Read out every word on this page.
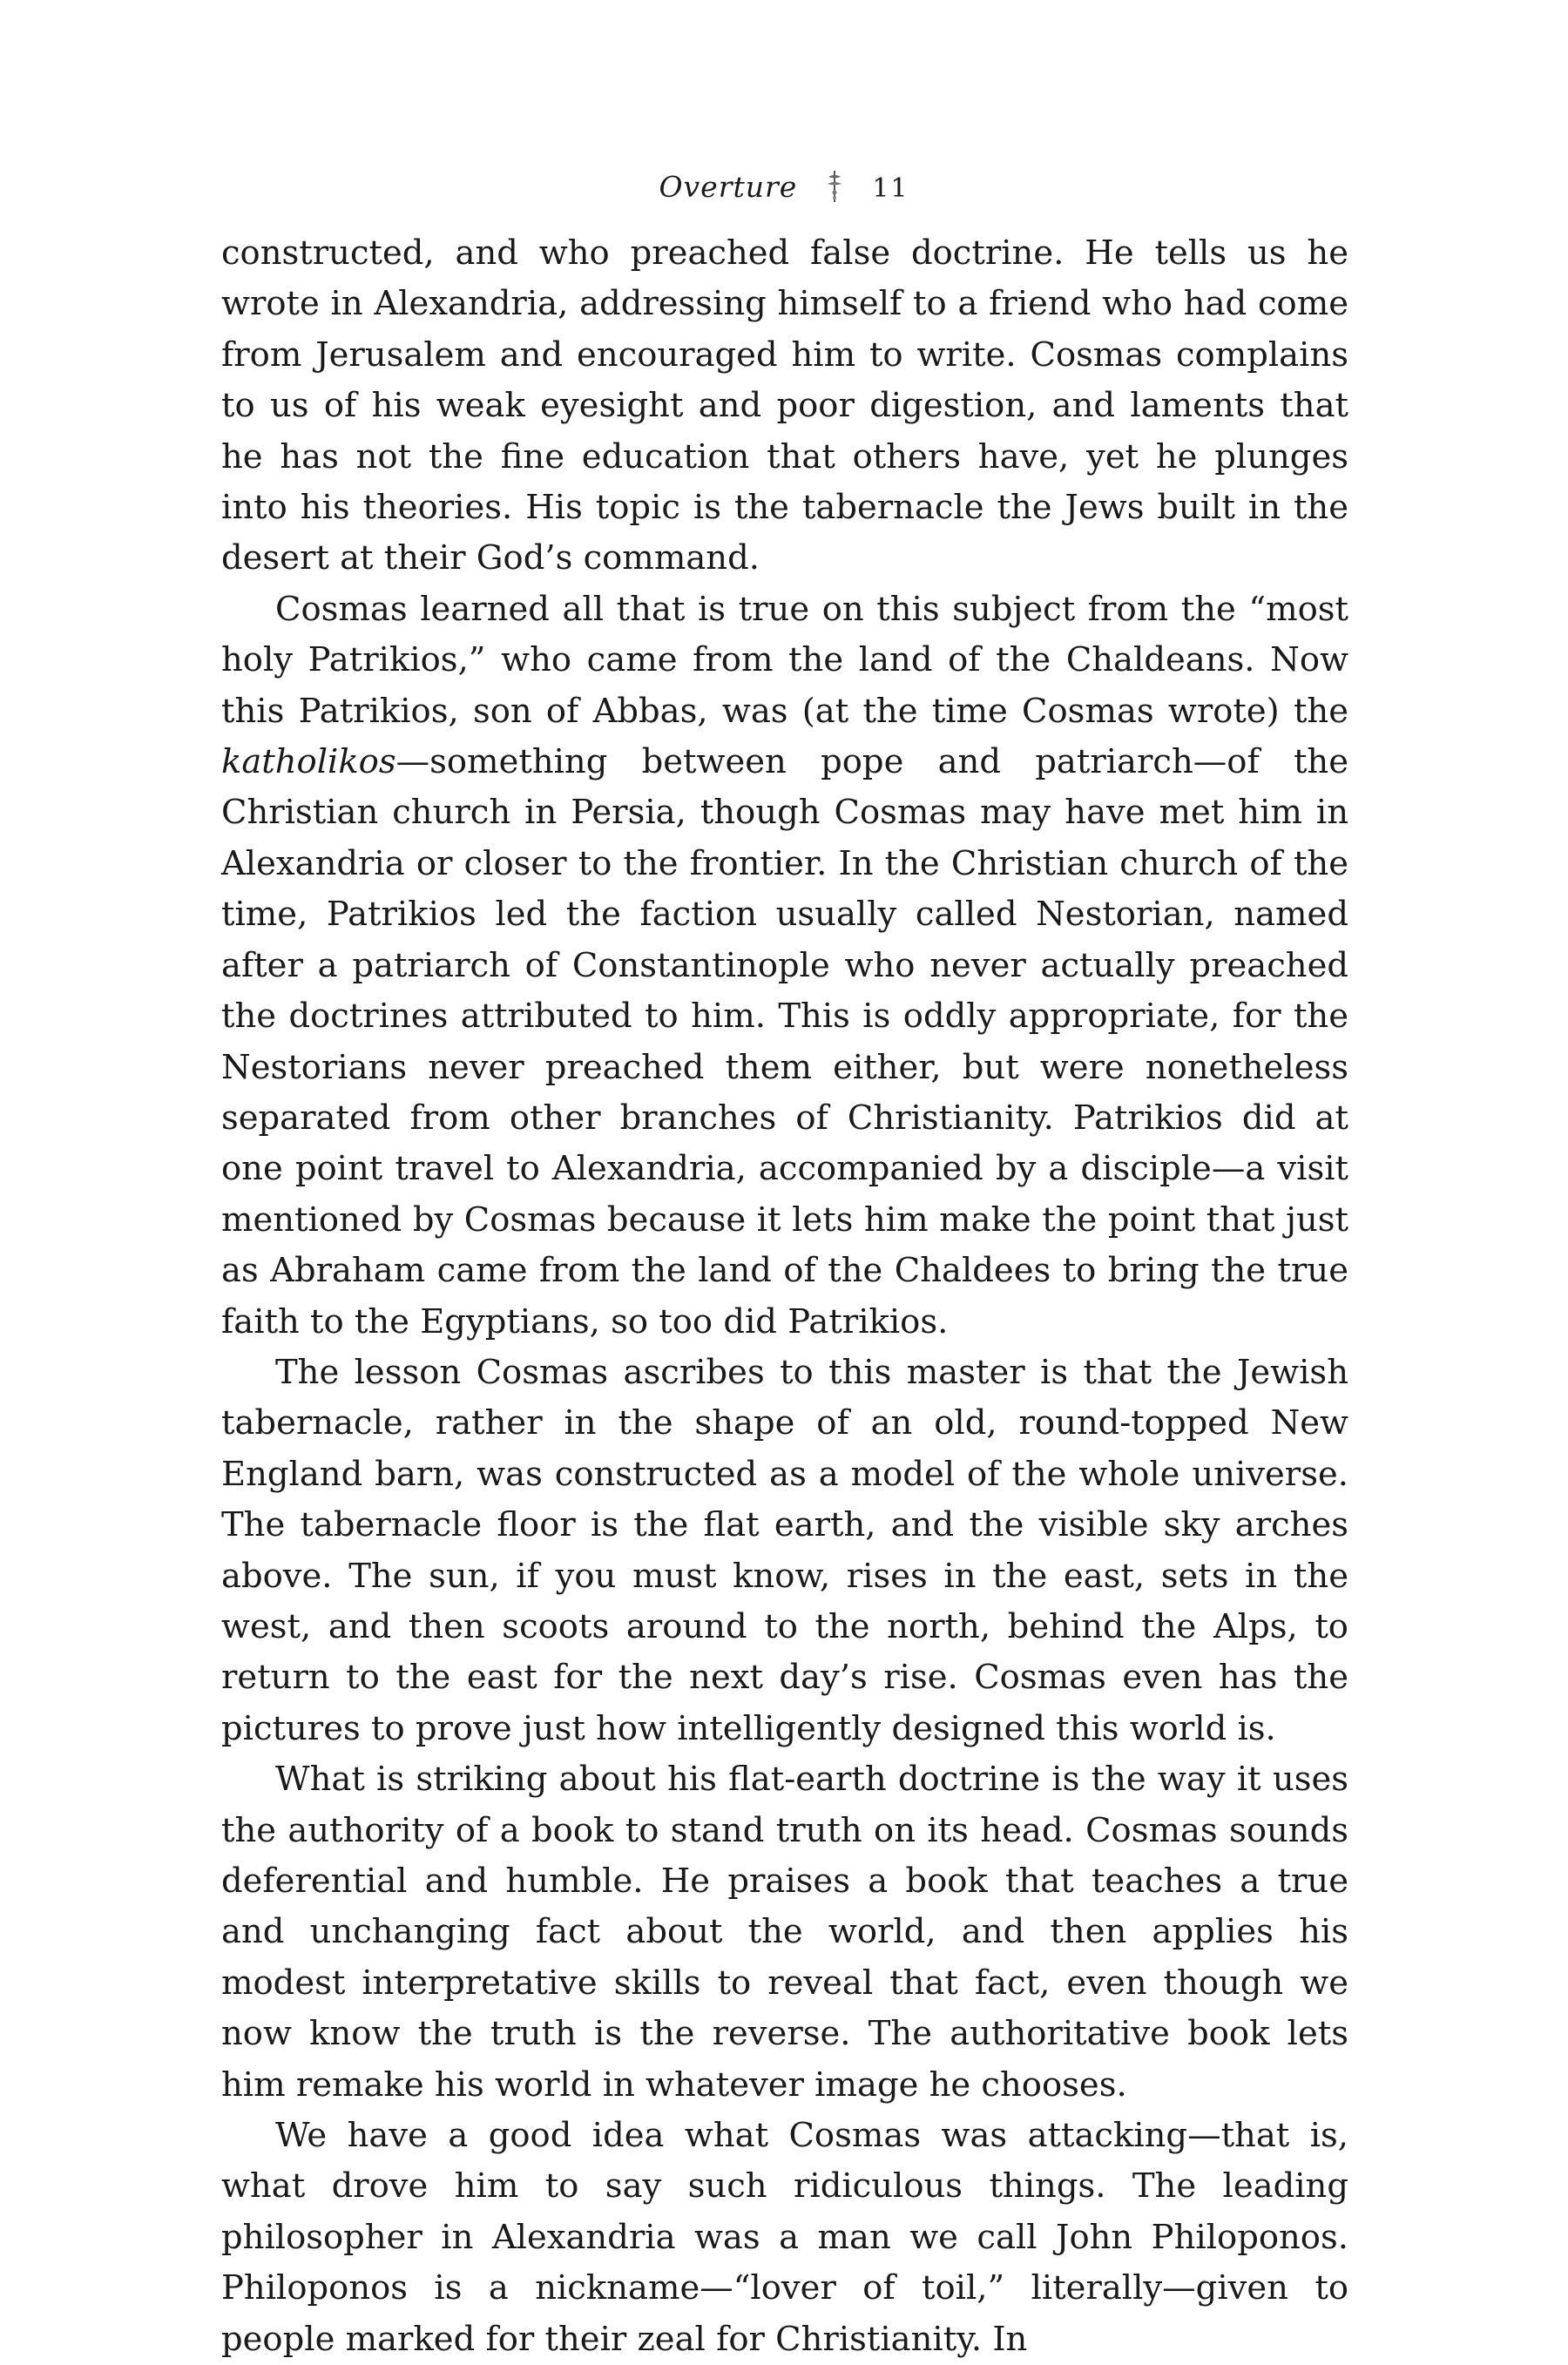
Overture	11

constructed, and who preached false doctrine. He tells us he wrote in Alexandria, addressing himself to a friend who had come from Jerusalem and encouraged him to write. Cosmas complains to us of his weak eyesight and poor digestion, and laments that he has not the fine education that others have, yet he plunges into his theories. His topic is the tabernacle the Jews built in the desert at their God’s command.

Cosmas learned all that is true on this subject from the “most holy Patrikios,” who came from the land of the Chaldeans. Now this Patrikios, son of Abbas, was (at the time Cosmas wrote) the katholikos—something between pope and patriarch—of the Christian church in Persia, though Cosmas may have met him in Alexandria or closer to the frontier. In the Christian church of the time, Patrikios led the faction usually called Nestorian, named after a patriarch of Constantinople who never actually preached the doctrines attributed to him. This is oddly appropriate, for the Nestorians never preached them either, but were nonetheless separated from other branches of Christianity. Patrikios did at one point travel to Alexandria, accompanied by a disciple—a visit mentioned by Cosmas because it lets him make the point that just as Abraham came from the land of the Chaldees to bring the true faith to the Egyptians, so too did Patrikios.

The lesson Cosmas ascribes to this master is that the Jewish tabernacle, rather in the shape of an old, round-topped New England barn, was constructed as a model of the whole universe. The tabernacle floor is the flat earth, and the visible sky arches above. The sun, if you must know, rises in the east, sets in the west, and then scoots around to the north, behind the Alps, to return to the east for the next day’s rise. Cosmas even has the pictures to prove just how intelligently designed this world is.

What is striking about his flat-earth doctrine is the way it uses the authority of a book to stand truth on its head. Cosmas sounds deferential and humble. He praises a book that teaches a true and unchanging fact about the world, and then applies his modest interpretative skills to reveal that fact, even though we now know the truth is the reverse. The authoritative book lets him remake his world in whatever image he chooses.

We have a good idea what Cosmas was attacking—that is, what drove him to say such ridiculous things. The leading philosopher in Alexandria was a man we call John Philoponos. Philoponos is a nickname—“lover of toil,” literally—given to people marked for their zeal for Christianity. In
